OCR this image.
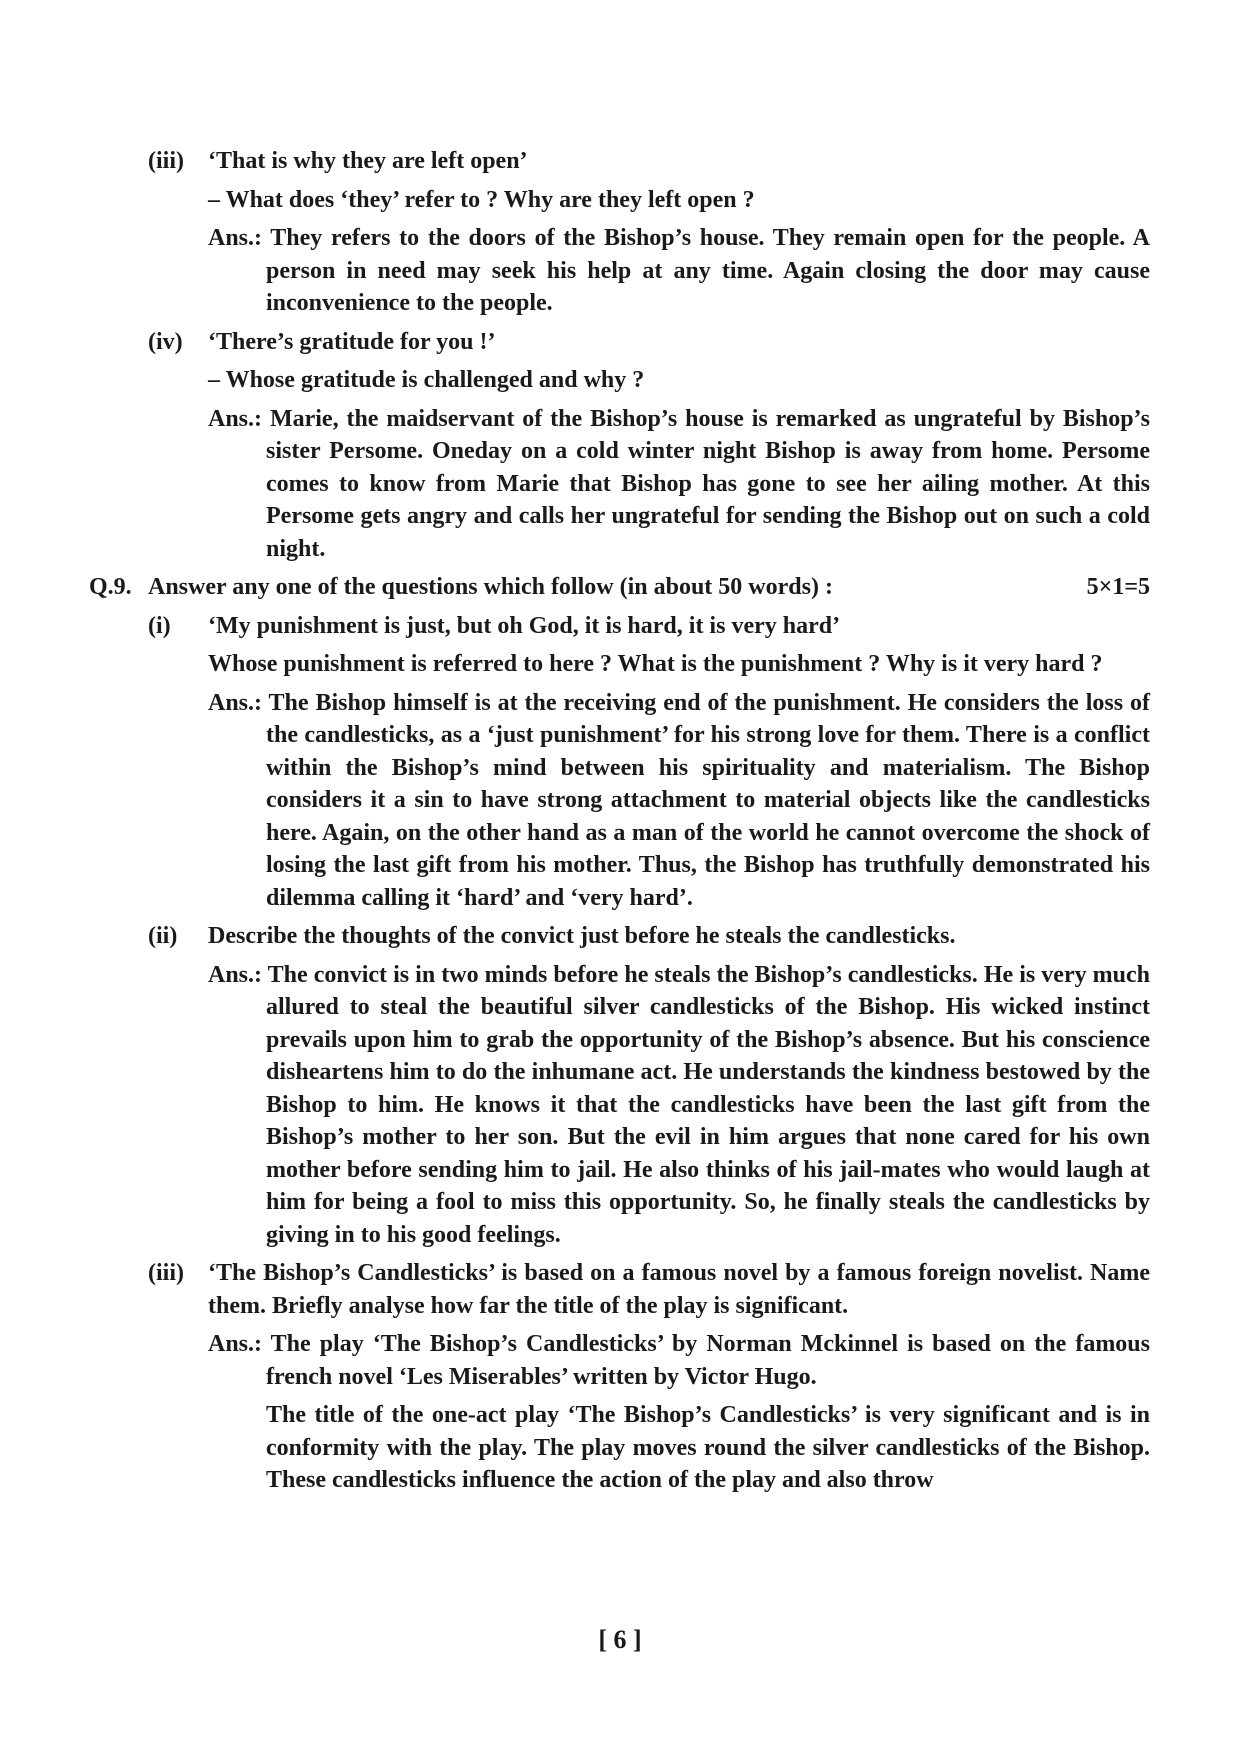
(iii) ‘That is why they are left open’
– What does ‘they’ refer to ? Why are they left open ?
Ans.: They refers to the doors of the Bishop’s house. They remain open for the people. A person in need may seek his help at any time. Again closing the door may cause inconvenience to the people.
(iv) ‘There’s gratitude for you !’
– Whose gratitude is challenged and why ?
Ans.: Marie, the maidservant of the Bishop’s house is remarked as ungrateful by Bishop’s sister Persome. Oneday on a cold winter night Bishop is away from home. Persome comes to know from Marie that Bishop has gone to see her ailing mother. At this Persome gets angry and calls her ungrateful for sending the Bishop out on such a cold night.
Q.9. Answer any one of the questions which follow (in about 50 words) :	5×1=5
(i) ‘My punishment is just, but oh God, it is hard, it is very hard’
Whose punishment is referred to here ? What is the punishment ? Why is it very hard ?
Ans.: The Bishop himself is at the receiving end of the punishment. He considers the loss of the candlesticks, as a ‘just punishment’ for his strong love for them. There is a conflict within the Bishop’s mind between his spirituality and materialism. The Bishop considers it a sin to have strong attachment to material objects like the candlesticks here. Again, on the other hand as a man of the world he cannot overcome the shock of losing the last gift from his mother. Thus, the Bishop has truthfully demonstrated his dilemma calling it ‘hard’ and ‘very hard’.
(ii) Describe the thoughts of the convict just before he steals the candlesticks.
Ans.: The convict is in two minds before he steals the Bishop’s candlesticks. He is very much allured to steal the beautiful silver candlesticks of the Bishop. His wicked instinct prevails upon him to grab the opportunity of the Bishop’s absence. But his conscience disheartens him to do the inhumane act. He understands the kindness bestowed by the Bishop to him. He knows it that the candlesticks have been the last gift from the Bishop’s mother to her son. But the evil in him argues that none cared for his own mother before sending him to jail. He also thinks of his jail-mates who would laugh at him for being a fool to miss this opportunity. So, he finally steals the candlesticks by giving in to his good feelings.
(iii) ‘The Bishop’s Candlesticks’ is based on a famous novel by a famous foreign novelist. Name them. Briefly analyse how far the title of the play is significant.
Ans.: The play ‘The Bishop’s Candlesticks’ by Norman Mckinnel is based on the famous french novel ‘Les Miserables’ written by Victor Hugo.
The title of the one-act play ‘The Bishop’s Candlesticks’ is very significant and is in conformity with the play. The play moves round the silver candlesticks of the Bishop. These candlesticks influence the action of the play and also throw
[ 6 ]
